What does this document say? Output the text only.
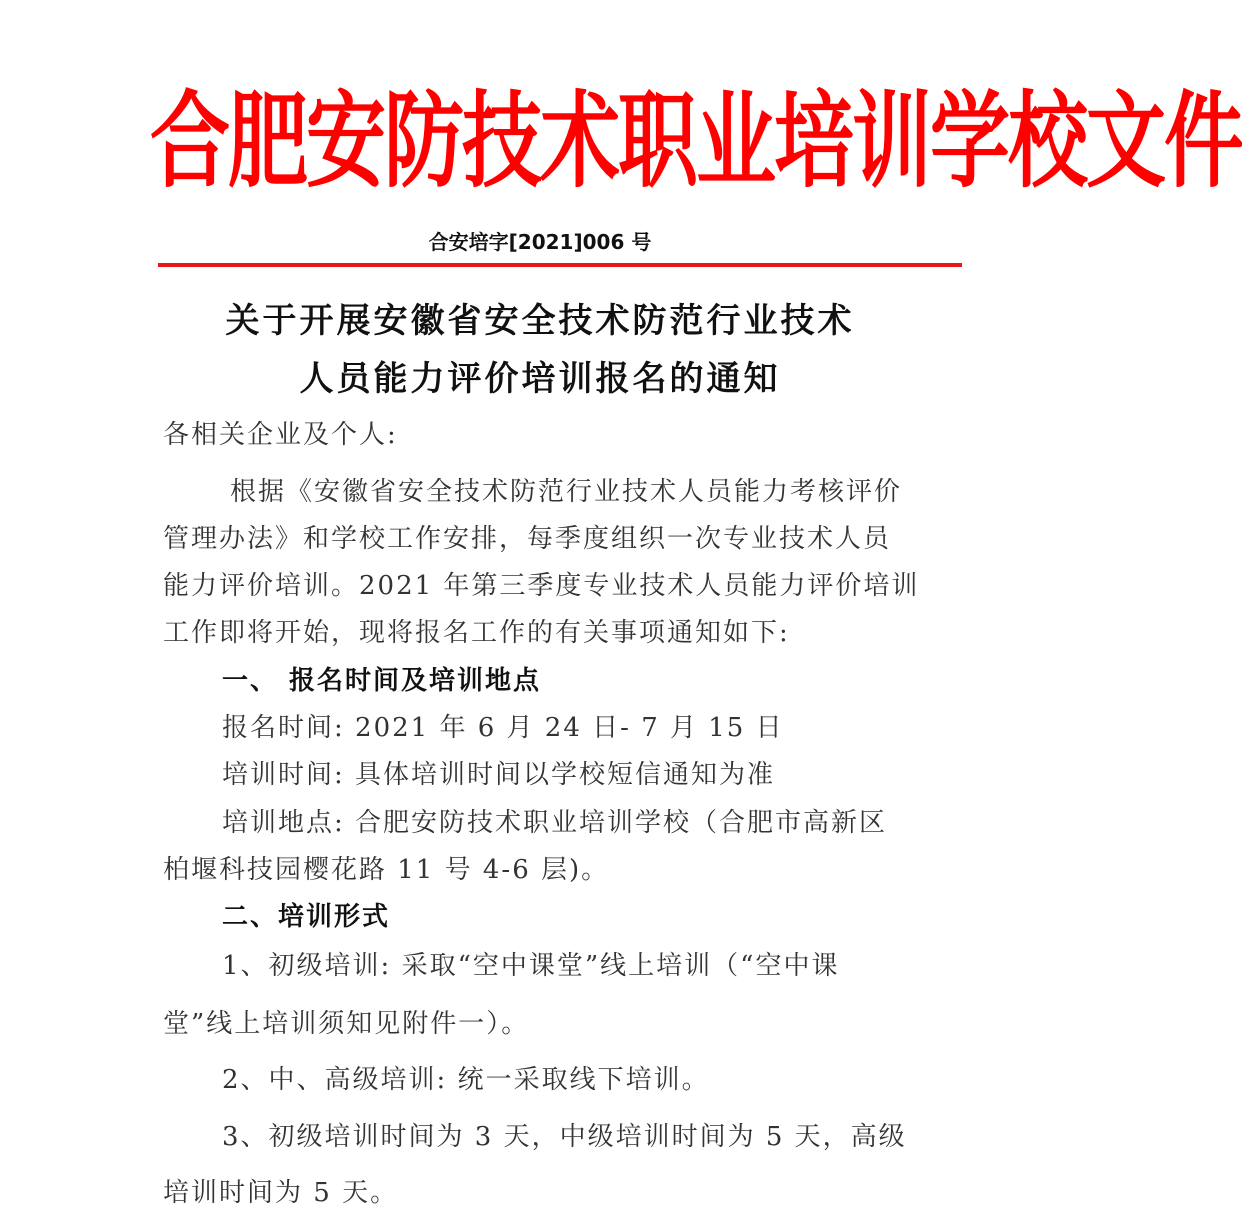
合肥安防技术职业培训学校文件
合安培字[2021]006 号
关于开展安徽省安全技术防范行业技术
人员能力评价培训报名的通知
各相关企业及个人:
根据《安徽省安全技术防范行业技术人员能力考核评价
管理办法》和学校工作安排，每季度组织一次专业技术人员
能力评价培训。2021 年第三季度专业技术人员能力评价培训
工作即将开始，现将报名工作的有关事项通知如下:
一、 报名时间及培训地点
报名时间: 2021 年 6 月 24 日- 7 月 15 日
培训时间: 具体培训时间以学校短信通知为准
培训地点: 合肥安防技术职业培训学校（合肥市高新区
柏堰科技园樱花路 11 号 4-6 层)。
二、培训形式
1、初级培训: 采取“空中课堂”线上培训（“空中课
堂”线上培训须知见附件一）。
2、中、高级培训: 统一采取线下培训。
3、初级培训时间为 3 天，中级培训时间为 5 天，高级
培训时间为 5 天。
